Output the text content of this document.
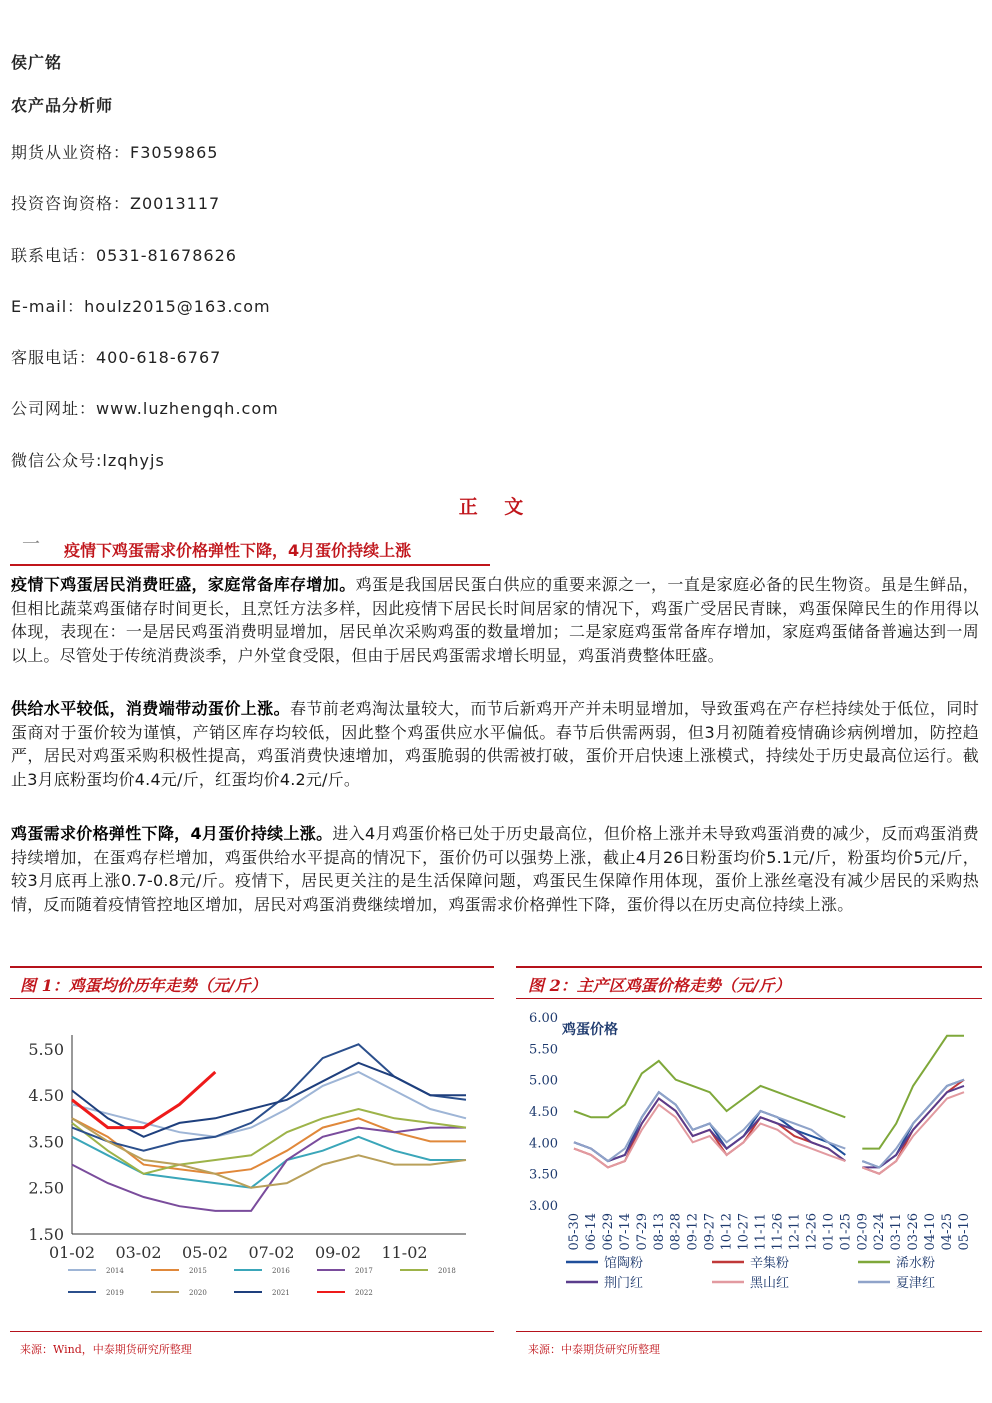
侯广铭
农产品分析师
期货从业资格：F3059865
投资咨询资格：Z0013117
联系电话：0531-81678626
E-mail：houlz2015@163.com
客服电话：400-618-6767
公司网址：www.luzhengqh.com
微信公众号:lzqhyjs
正 文
一 疫情下鸡蛋需求价格弹性下降，4月蛋价持续上涨
疫情下鸡蛋居民消费旺盛，家庭常备库存增加。鸡蛋是我国居民蛋白供应的重要来源之一，一直是家庭必备的民生物资。虽是生鲜品，但相比蔬菜鸡蛋储存时间更长，且烹饪方法多样，因此疫情下居民长时间居家的情况下，鸡蛋广受居民青睐，鸡蛋保障民生的作用得以体现，表现在：一是居民鸡蛋消费明显增加，居民单次采购鸡蛋的数量增加；二是家庭鸡蛋常备库存增加，家庭鸡蛋储备普遍达到一周以上。尽管处于传统消费淡季，户外堂食受限，但由于居民鸡蛋需求增长明显，鸡蛋消费整体旺盛。
供给水平较低，消费端带动蛋价上涨。春节前老鸡淘汰量较大，而节后新鸡开产并未明显增加，导致蛋鸡在产存栏持续处于低位，同时蛋商对于蛋价较为谨慎，产销区库存均较低，因此整个鸡蛋供应水平偏低。春节后供需两弱，但3月初随着疫情确诊病例增加，防控趋严，居民对鸡蛋采购积极性提高，鸡蛋消费快速增加，鸡蛋脆弱的供需被打破，蛋价开启快速上涨模式，持续处于历史最高位运行。截止3月底粉蛋均价4.4元/斤，红蛋均价4.2元/斤。
鸡蛋需求价格弹性下降，4月蛋价持续上涨。进入4月鸡蛋价格已处于历史最高位，但价格上涨并未导致鸡蛋消费的减少，反而鸡蛋消费持续增加，在蛋鸡存栏增加，鸡蛋供给水平提高的情况下，蛋价仍可以强势上涨，截止4月26日粉蛋均价5.1元/斤，粉蛋均价5元/斤，较3月底再上涨0.7-0.8元/斤。疫情下，居民更关注的是生活保障问题，鸡蛋民生保障作用体现，蛋价上涨丝毫没有减少居民的采购热情，反而随着疫情管控地区增加，居民对鸡蛋消费继续增加，鸡蛋需求价格弹性下降，蛋价得以在历史高位持续上涨。
图 1：鸡蛋均价历年走势（元/斤）
5.50
4.50
3.50
2.50
1.50
01-02 03-02 05-02 07-02 09-02 11-02
2014	2015	2016	2017	2018
2019	2020	2021	2022
来源：Wind，中泰期货研究所整理
图 2：主产区鸡蛋价格走势（元/斤）
鸡蛋价格
6.00
5.50
5.00
4.50
4.00
3.50
3.00
05-30 06-14 06-29 07-14 07-29 08-13 08-28 09-12 09-27 10-12 10-27 11-11 11-26 12-11 12-26 01-10 01-25 02-09 02-24 03-11 03-26 04-10 04-25 05-10
馆陶粉	辛集粉	浠水粉
荆门红	黑山红	夏津红
来源：中泰期货研究所整理
